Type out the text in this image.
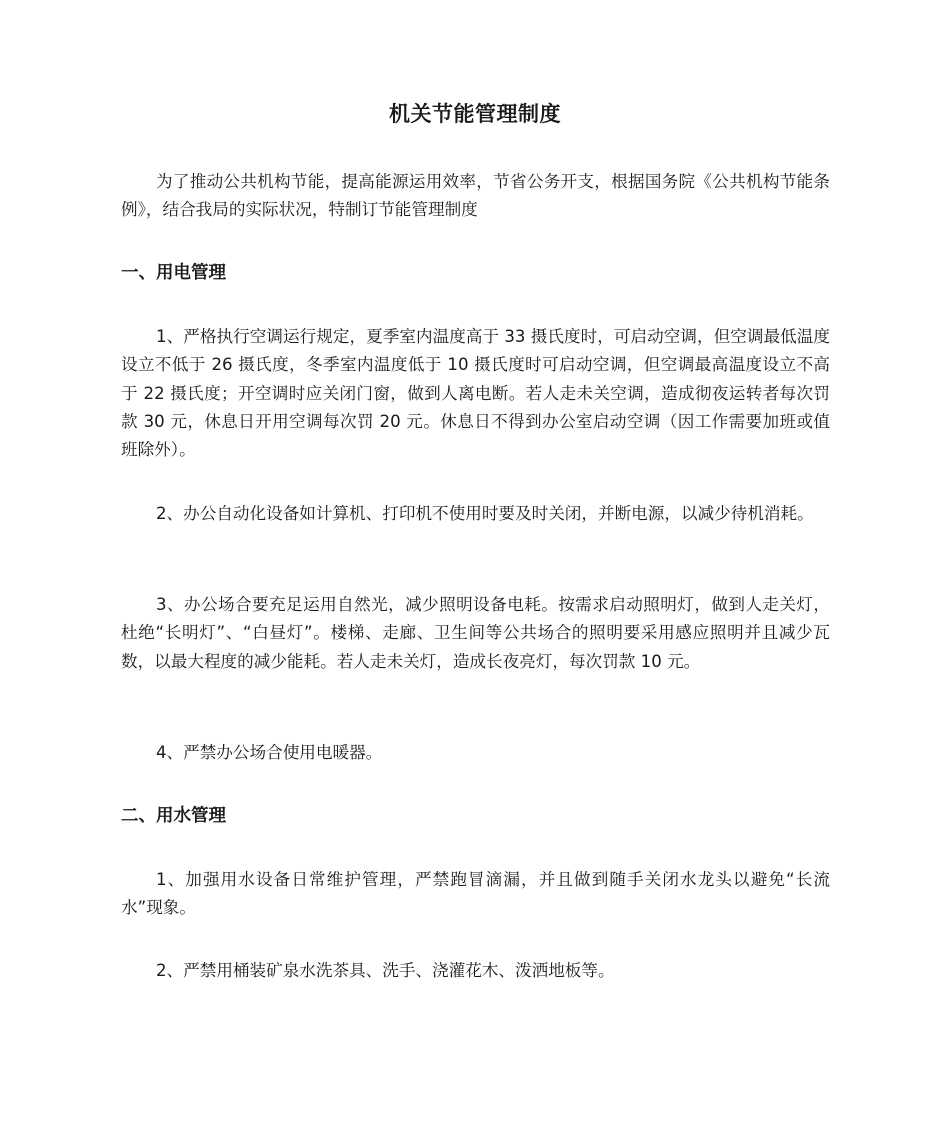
机关节能管理制度

为了推动公共机构节能，提高能源运用效率，节省公务开支，根据国务院《公共机构节能条例》，结合我局的实际状况，特制订节能管理制度

一、用电管理

1、严格执行空调运行规定，夏季室内温度高于 33 摄氏度时，可启动空调，但空调最低温度设立不低于 26 摄氏度，冬季室内温度低于 10 摄氏度时可启动空调，但空调最高温度设立不高于 22 摄氏度；开空调时应关闭门窗，做到人离电断。若人走未关空调，造成彻夜运转者每次罚款 30 元，休息日开用空调每次罚 20 元。休息日不得到办公室启动空调（因工作需要加班或值班除外）。

2、办公自动化设备如计算机、打印机不使用时要及时关闭，并断电源，以减少待机消耗。

3、办公场合要充足运用自然光，减少照明设备电耗。按需求启动照明灯，做到人走关灯，杜绝“长明灯”、“白昼灯”。楼梯、走廊、卫生间等公共场合的照明要采用感应照明并且减少瓦数，以最大程度的减少能耗。若人走未关灯，造成长夜亮灯，每次罚款 10 元。

4、严禁办公场合使用电暖器。

二、用水管理

1、加强用水设备日常维护管理，严禁跑冒滴漏，并且做到随手关闭水龙头以避免“长流水”现象。

2、严禁用桶装矿泉水洗茶具、洗手、浇灌花木、泼洒地板等。
